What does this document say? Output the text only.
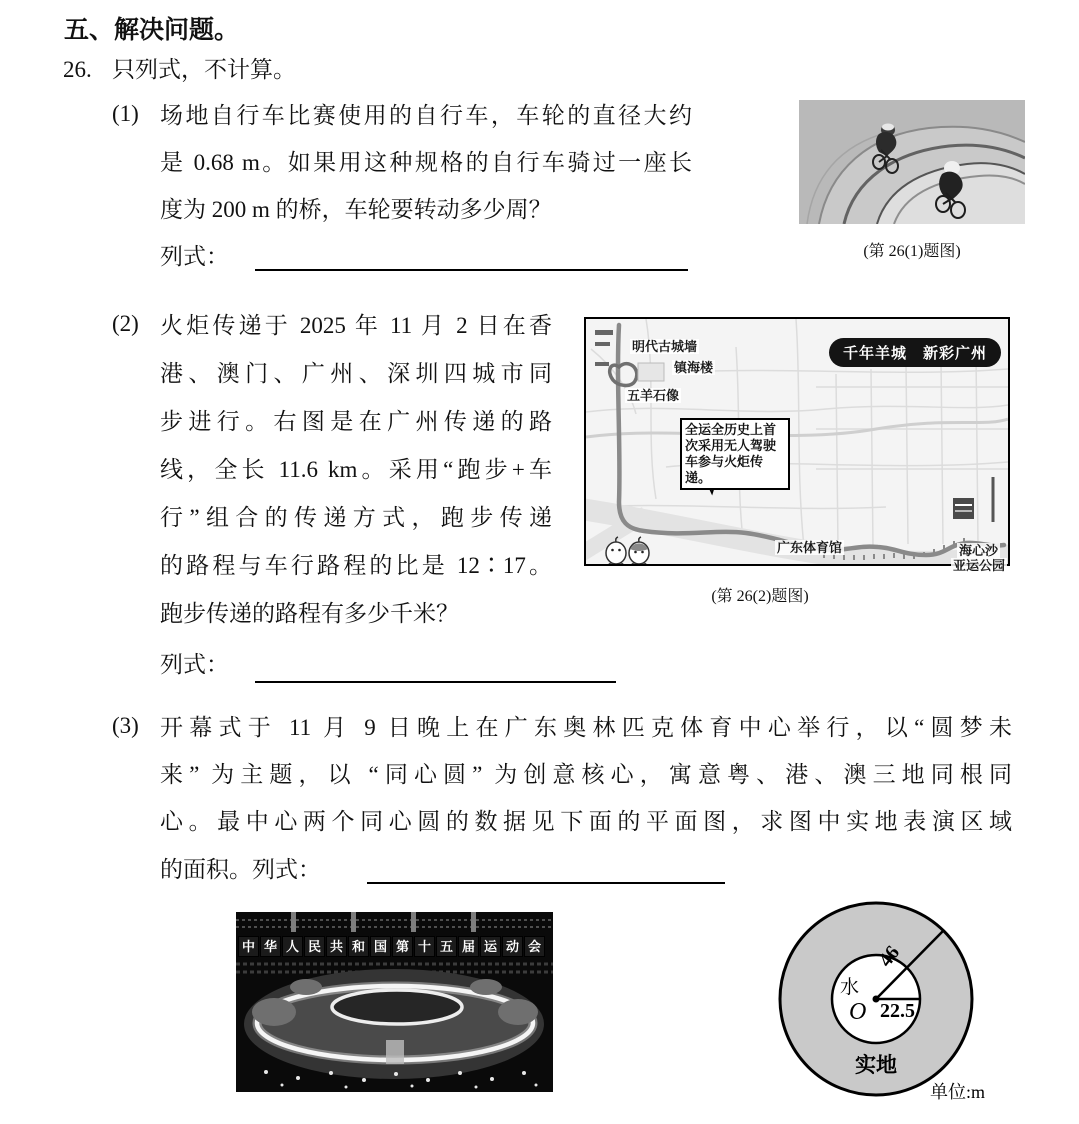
五、解决问题。
26. 只列式，不计算。
(1) 场地自行车比赛使用的自行车，车轮的直径大约
是 0.68 m。如果用这种规格的自行车骑过一座长
度为 200 m 的桥，车轮要转动多少周？
列式：	(第 26(1)题图)
(2) 火炬传递于 2025 年 11 月 2 日在香
港、澳门、广州、深圳四城市同
步进行。右图是在广州传递的路
线，全长 11.6 km。采用“跑步+车
行”组合的传递方式，跑步传递
的路程与车行路程的比是 12∶17。
跑步传递的路程有多少千米？
列式：
千年羊城　新彩广州
明代古城墙
镇海楼
五羊石像
全运全历史上首
次采用无人驾驶
车参与火炬传递。
广东体育馆	海心沙
亚运公园
(第 26(2)题图)
(3) 开幕式于 11 月 9 日晚上在广东奥林匹克体育中心举行，以“圆梦未
来” 为主题，以 “同心圆” 为创意核心，寓意粤、港、澳三地同根同
心。最中心两个同心圆的数据见下面的平面图，求图中实地表演区域
的面积。列式：
中 华 人 民 共 和 国 第 十 五 届 运 动 会	46
22.5
O
水
实地
单位:m
